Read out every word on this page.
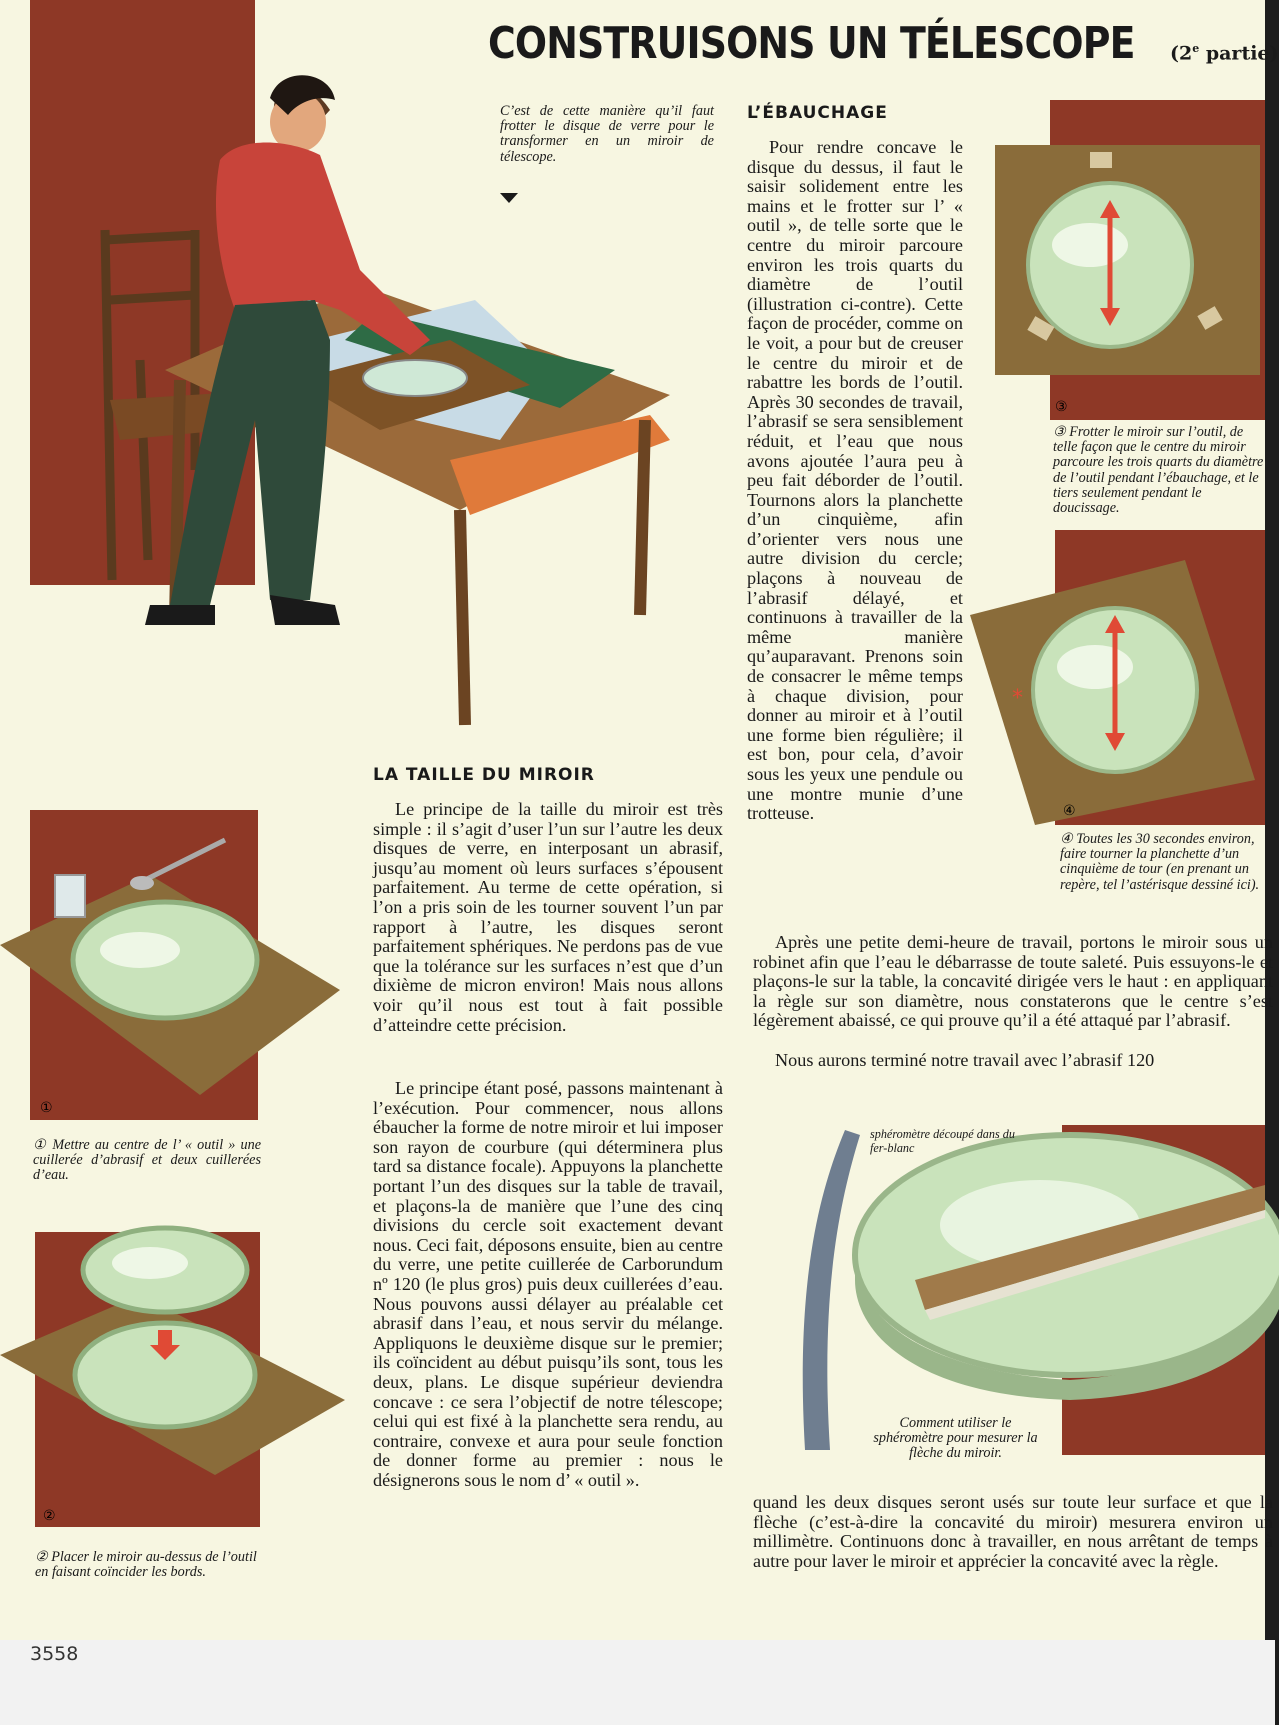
CONSTRUISONS UN TÉLESCOPE (2e partie)

C’est de cette manière qu’il faut frotter le disque de verre pour le transformer en un miroir de télescope.

L’ÉBAUCHAGE

Pour rendre concave le disque du dessus, il faut le saisir solidement entre les mains et le frotter sur l’ « outil », de telle sorte que le centre du miroir parcoure environ les trois quarts du diamètre de l’outil (illustration ci-contre). Cette façon de procéder, comme on le voit, a pour but de creuser le centre du miroir et de rabattre les bords de l’outil. Après 30 secondes de travail, l’abrasif se sera sensiblement réduit, et l’eau que nous avons ajoutée l’aura peu à peu fait déborder de l’outil. Tournons alors la planchette d’un cinquième, afin d’orienter vers nous une autre division du cercle; plaçons à nouveau de l’abrasif délayé, et continuons à travailler de la même manière qu’auparavant. Prenons soin de consacrer le même temps à chaque division, pour donner au miroir et à l’outil une forme bien régulière; il est bon, pour cela, d’avoir sous les yeux une pendule ou une montre munie d’une trotteuse.

Après une petite demi-heure de travail, portons le miroir sous un robinet afin que l’eau le débarrasse de toute saleté. Puis essuyons-le et plaçons-le sur la table, la concavité dirigée vers le haut : en appliquant la règle sur son diamètre, nous constaterons que le centre s’est légèrement abaissé, ce qui prouve qu’il a été attaqué par l’abrasif.

Nous aurons terminé notre travail avec l’abrasif 120

quand les deux disques seront usés sur toute leur surface et que la flèche (c’est-à-dire la concavité du miroir) mesurera environ un millimètre. Continuons donc à travailler, en nous arrêtant de temps à autre pour laver le miroir et apprécier la concavité avec la règle.

③

③ Frotter le miroir sur l’outil, de telle façon que le centre du miroir parcoure les trois quarts du diamètre de l’outil pendant l’ébauchage, et le tiers seulement pendant le doucissage.

*
④

④ Toutes les 30 secondes environ, faire tourner la planchette d’un cinquième de tour (en prenant un repère, tel l’astérisque dessiné ici).

LA TAILLE DU MIROIR

Le principe de la taille du miroir est très simple : il s’agit d’user l’un sur l’autre les deux disques de verre, en interposant un abrasif, jusqu’au moment où leurs surfaces s’épousent parfaitement. Au terme de cette opération, si l’on a pris soin de les tourner souvent l’un par rapport à l’autre, les disques seront parfaitement sphériques. Ne perdons pas de vue que la tolérance sur les surfaces n’est que d’un dixième de micron environ! Mais nous allons voir qu’il nous est tout à fait possible d’atteindre cette précision.

Le principe étant posé, passons maintenant à l’exécution. Pour commencer, nous allons ébaucher la forme de notre miroir et lui imposer son rayon de courbure (qui déterminera plus tard sa distance focale). Appuyons la planchette portant l’un des disques sur la table de travail, et plaçons-la de manière que l’une des cinq divisions du cercle soit exactement devant nous. Ceci fait, déposons ensuite, bien au centre du verre, une petite cuillerée de Carborundum nº 120 (le plus gros) puis deux cuillerées d’eau. Nous pouvons aussi délayer au préalable cet abrasif dans l’eau, et nous servir du mélange. Appliquons le deuxième disque sur le premier; ils coïncident au début puisqu’ils sont, tous les deux, plans. Le disque supérieur deviendra concave : ce sera l’objectif de notre télescope; celui qui est fixé à la planchette sera rendu, au contraire, convexe et aura pour seule fonction de donner forme au premier : nous le désignerons sous le nom d’ « outil ».

①

① Mettre au centre de l’ « outil » une cuillerée d’abrasif et deux cuillerées d’eau.

②

② Placer le miroir au-dessus de l’outil en faisant coïncider les bords.

sphéromètre découpé dans du fer-blanc

Comment utiliser le sphéromètre pour mesurer la flèche du miroir.

3558
